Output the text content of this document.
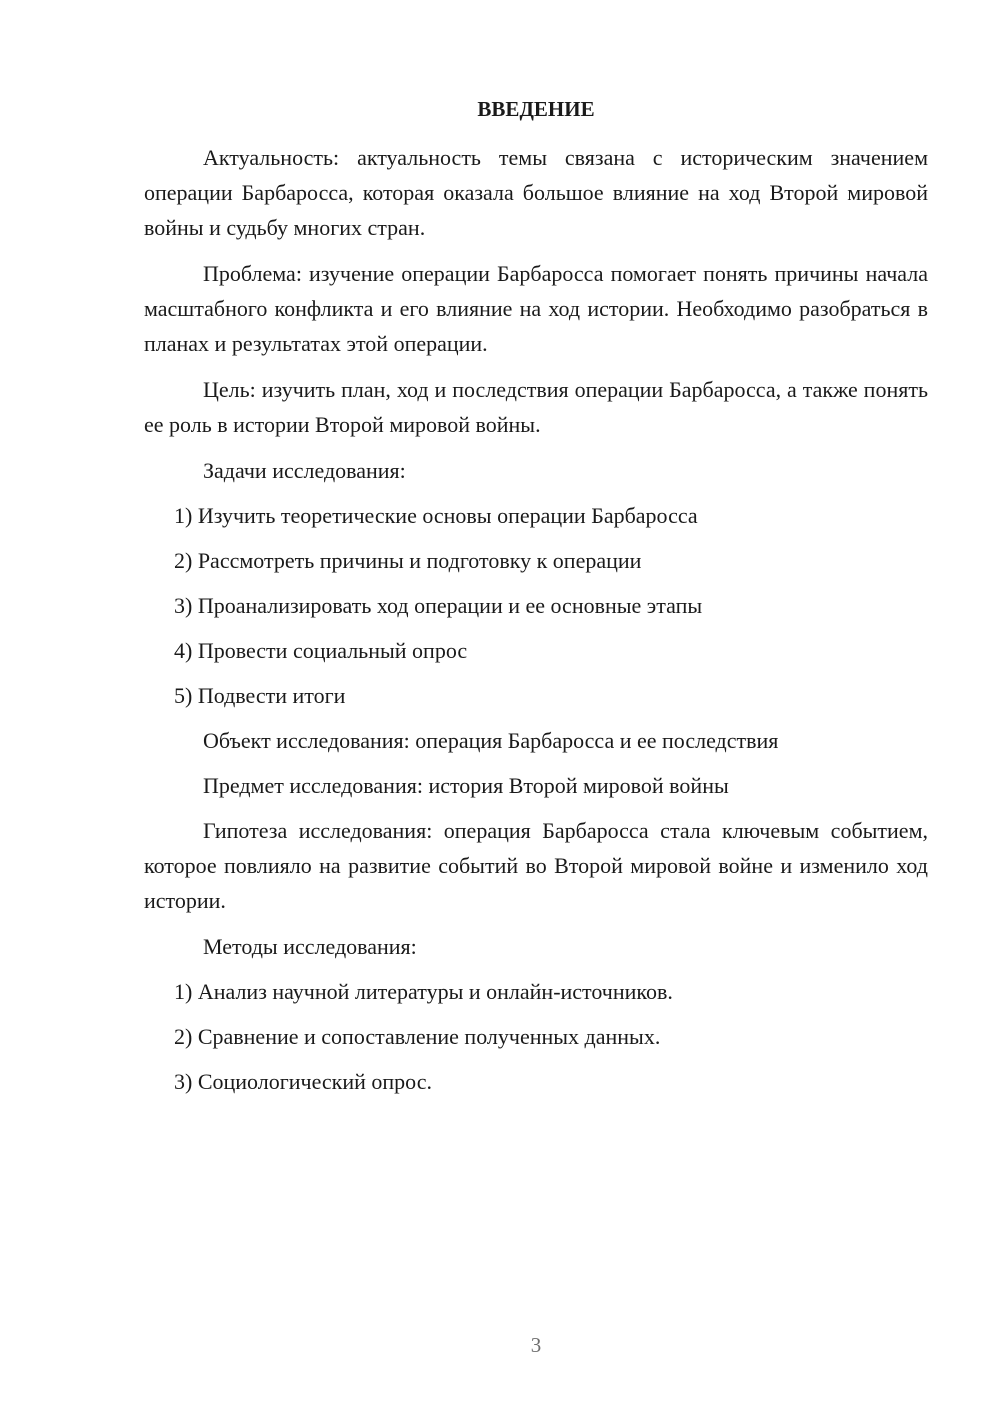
ВВЕДЕНИЕ

Актуальность: актуальность темы связана с историческим значением операции Барбаросса, которая оказала большое влияние на ход Второй мировой войны и судьбу многих стран.

Проблема: изучение операции Барбаросса помогает понять причины начала масштабного конфликта и его влияние на ход истории. Необходимо разобраться в планах и результатах этой операции.

Цель: изучить план, ход и последствия операции Барбаросса, а также понять ее роль в истории Второй мировой войны.

Задачи исследования:

1) Изучить теоретические основы операции Барбаросса

2) Рассмотреть причины и подготовку к операции

3) Проанализировать ход операции и ее основные этапы

4) Провести социальный опрос

5) Подвести итоги

Объект исследования: операция Барбаросса и ее последствия

Предмет исследования: история Второй мировой войны

Гипотеза исследования: операция Барбаросса стала ключевым событием, которое повлияло на развитие событий во Второй мировой войне и изменило ход истории.

Методы исследования:

1) Анализ научной литературы и онлайн-источников.

2) Сравнение и сопоставление полученных данных.

3) Социологический опрос.

3
